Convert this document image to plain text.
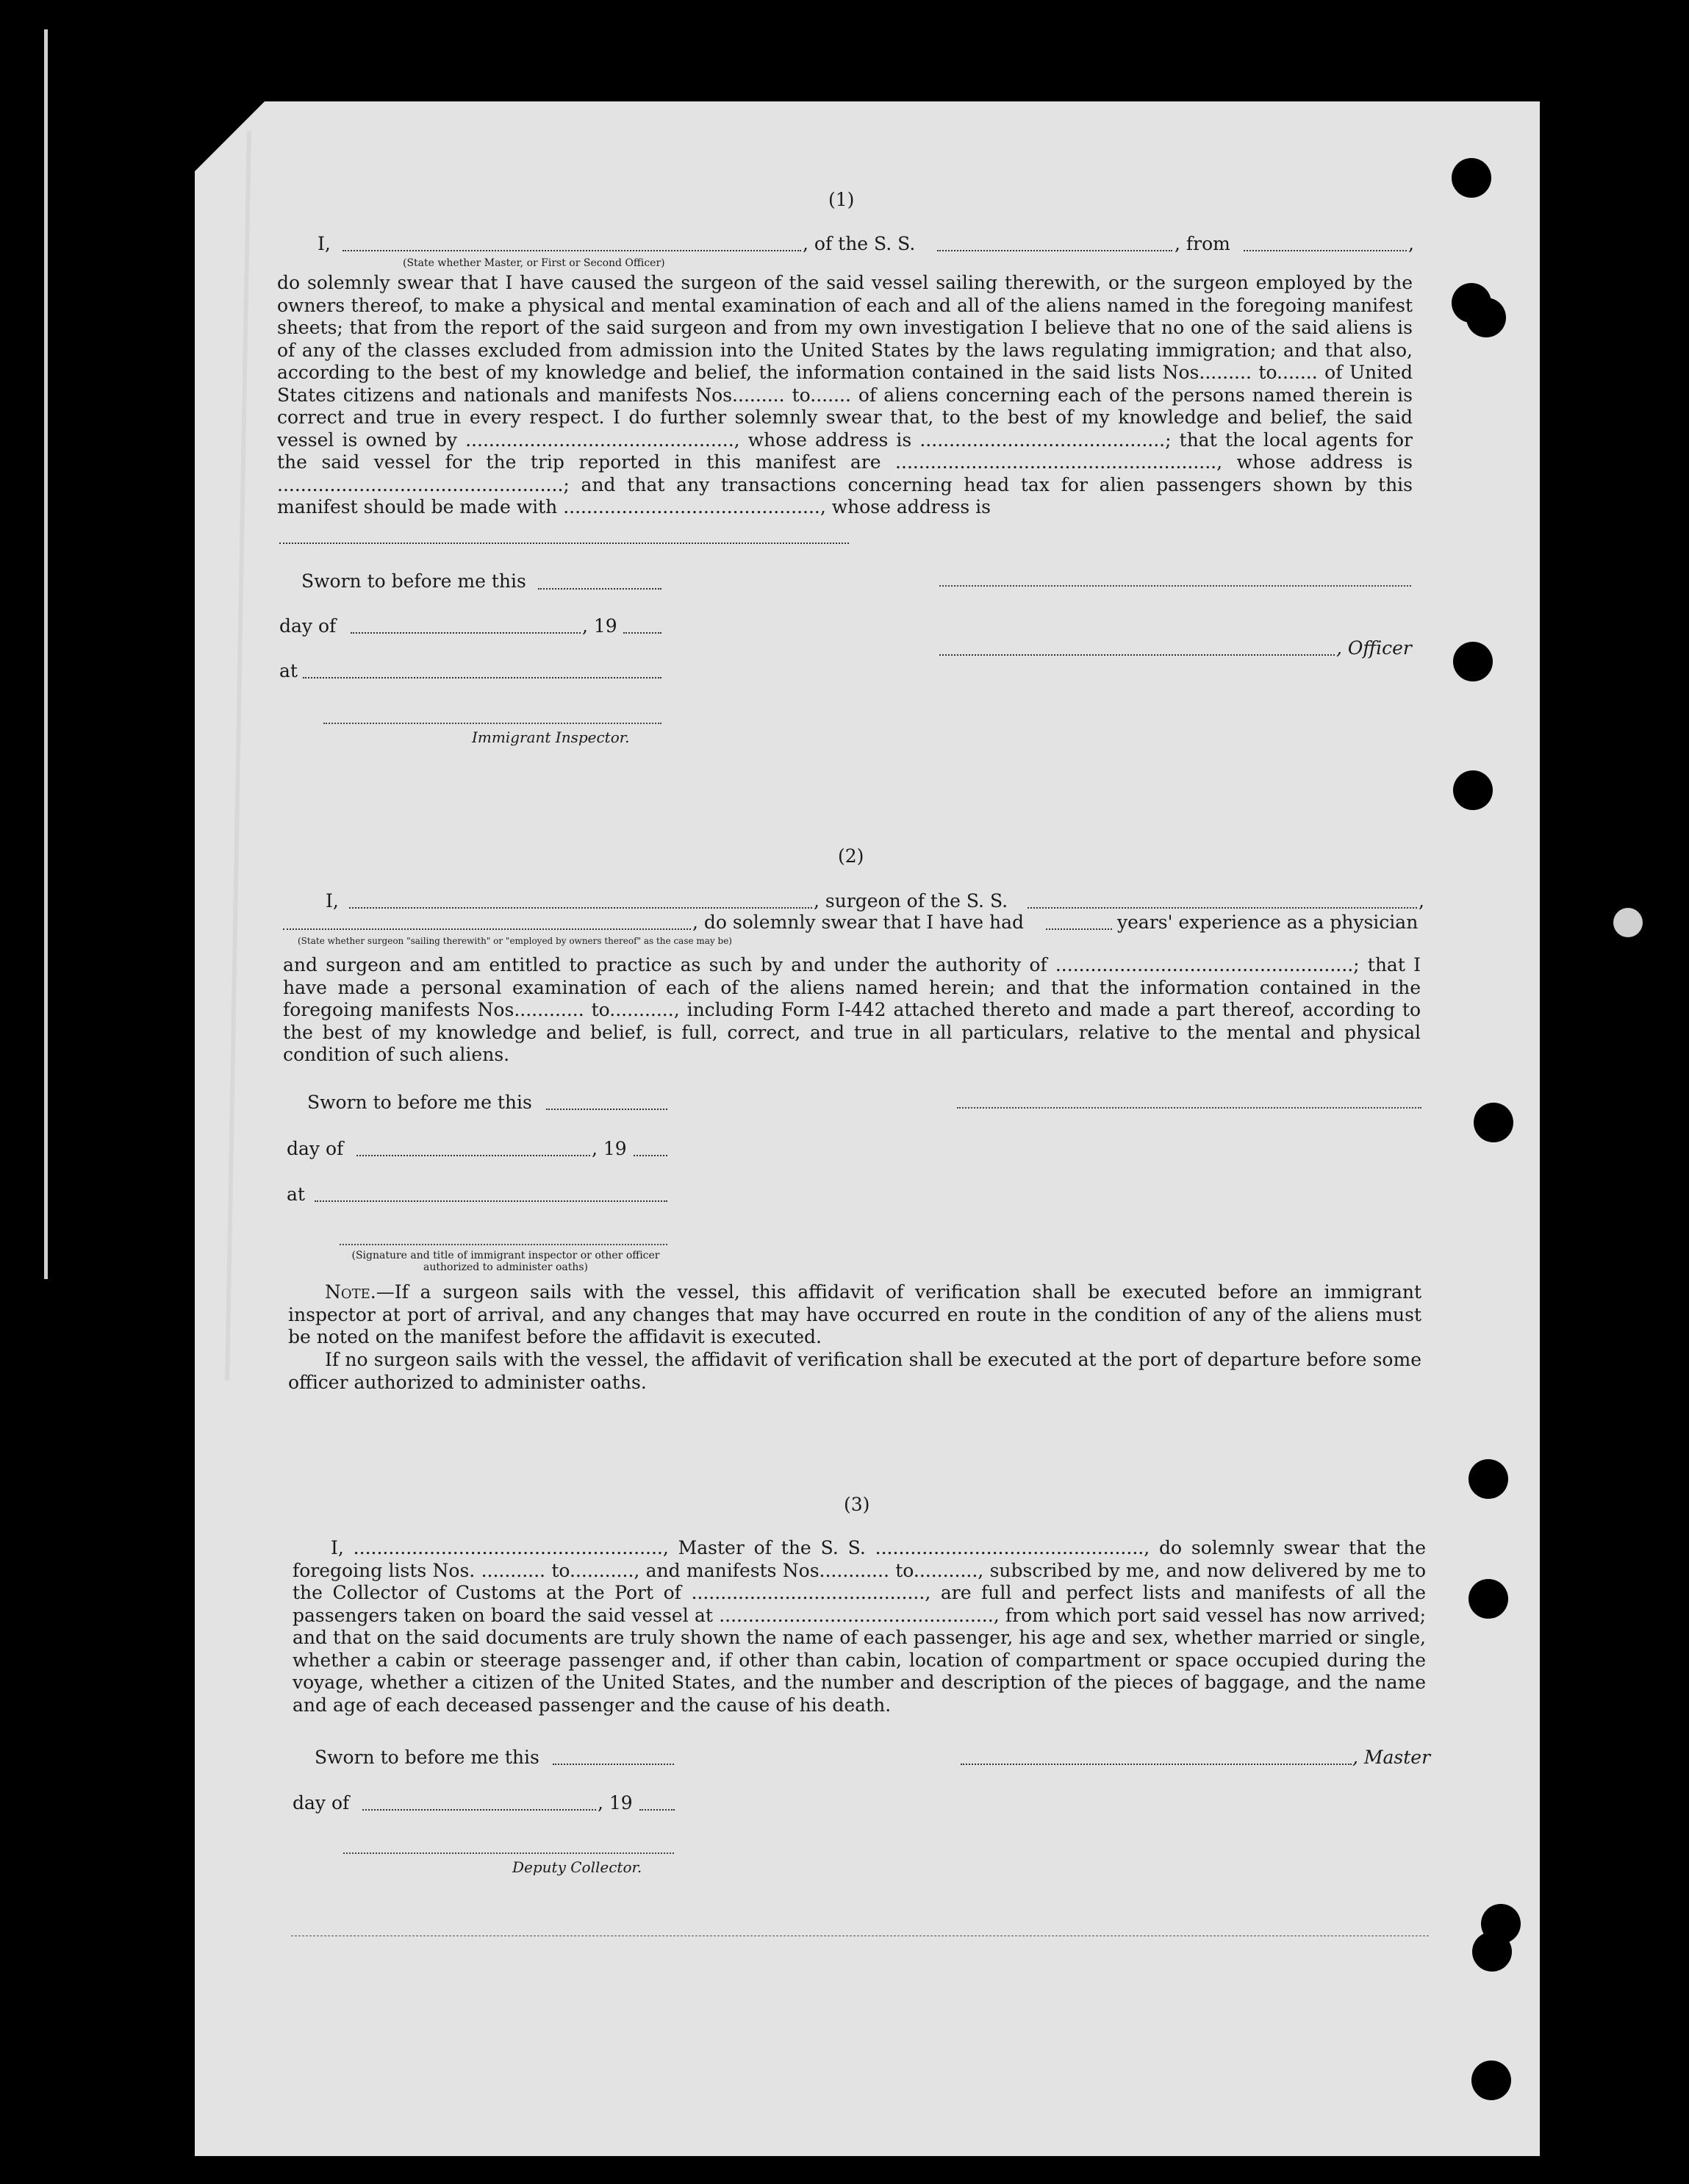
(1)
I,	, of the S. S.	, from	,
(State whether Master, or First or Second Officer)
do solemnly swear that I have caused the surgeon of the said vessel sailing therewith, or the surgeon employed by the owners thereof, to make a physical and mental examination of each and all of the aliens named in the foregoing manifest sheets; that from the report of the said surgeon and from my own investigation I believe that no one of the said aliens is of any of the classes excluded from admission into the United States by the laws regulating immigration; and that also, according to the best of my knowledge and belief, the information contained in the said lists Nos......... to....... of United States citizens and nationals and manifests Nos......... to....... of aliens concerning each of the persons named therein is correct and true in every respect. I do further solemnly swear that, to the best of my knowledge and belief, the said vessel is owned by .............................................., whose address is ..........................................; that the local agents for the said vessel for the trip reported in this manifest are ......................................................., whose address is .................................................; and that any transactions concerning head tax for alien passengers shown by this manifest should be made with ............................................, whose address is
Sworn to before me this
day of	, 19
, Officer
at
Immigrant Inspector.
(2)
I,	, surgeon of the S. S.	,
, do solemnly swear that I have had	years' experience as a physician
(State whether surgeon "sailing therewith" or "employed by owners thereof" as the case may be)
and surgeon and am entitled to practice as such by and under the authority of ...................................................; that I have made a personal examination of each of the aliens named herein; and that the information contained in the foregoing manifests Nos............ to..........., including Form I-442 attached thereto and made a part thereof, according to the best of my knowledge and belief, is full, correct, and true in all particulars, relative to the mental and physical condition of such aliens.
Sworn to before me this
day of	, 19
at
(Signature and title of immigrant inspector or other officer authorized to administer oaths)
Note.—If a surgeon sails with the vessel, this affidavit of verification shall be executed before an immigrant inspector at port of arrival, and any changes that may have occurred en route in the condition of any of the aliens must be noted on the manifest before the affidavit is executed.
If no surgeon sails with the vessel, the affidavit of verification shall be executed at the port of departure before some officer authorized to administer oaths.
(3)
I, ....................................................., Master of the S. S. .............................................., do solemnly swear that the foregoing lists Nos. ........... to..........., and manifests Nos............ to..........., subscribed by me, and now delivered by me to the Collector of Customs at the Port of ........................................, are full and perfect lists and manifests of all the passengers taken on board the said vessel at ..............................................., from which port said vessel has now arrived; and that on the said documents are truly shown the name of each passenger, his age and sex, whether married or single, whether a cabin or steerage passenger and, if other than cabin, location of compartment or space occupied during the voyage, whether a citizen of the United States, and the number and description of the pieces of baggage, and the name and age of each deceased passenger and the cause of his death.
Sworn to before me this	, Master
day of	, 19
Deputy Collector.
